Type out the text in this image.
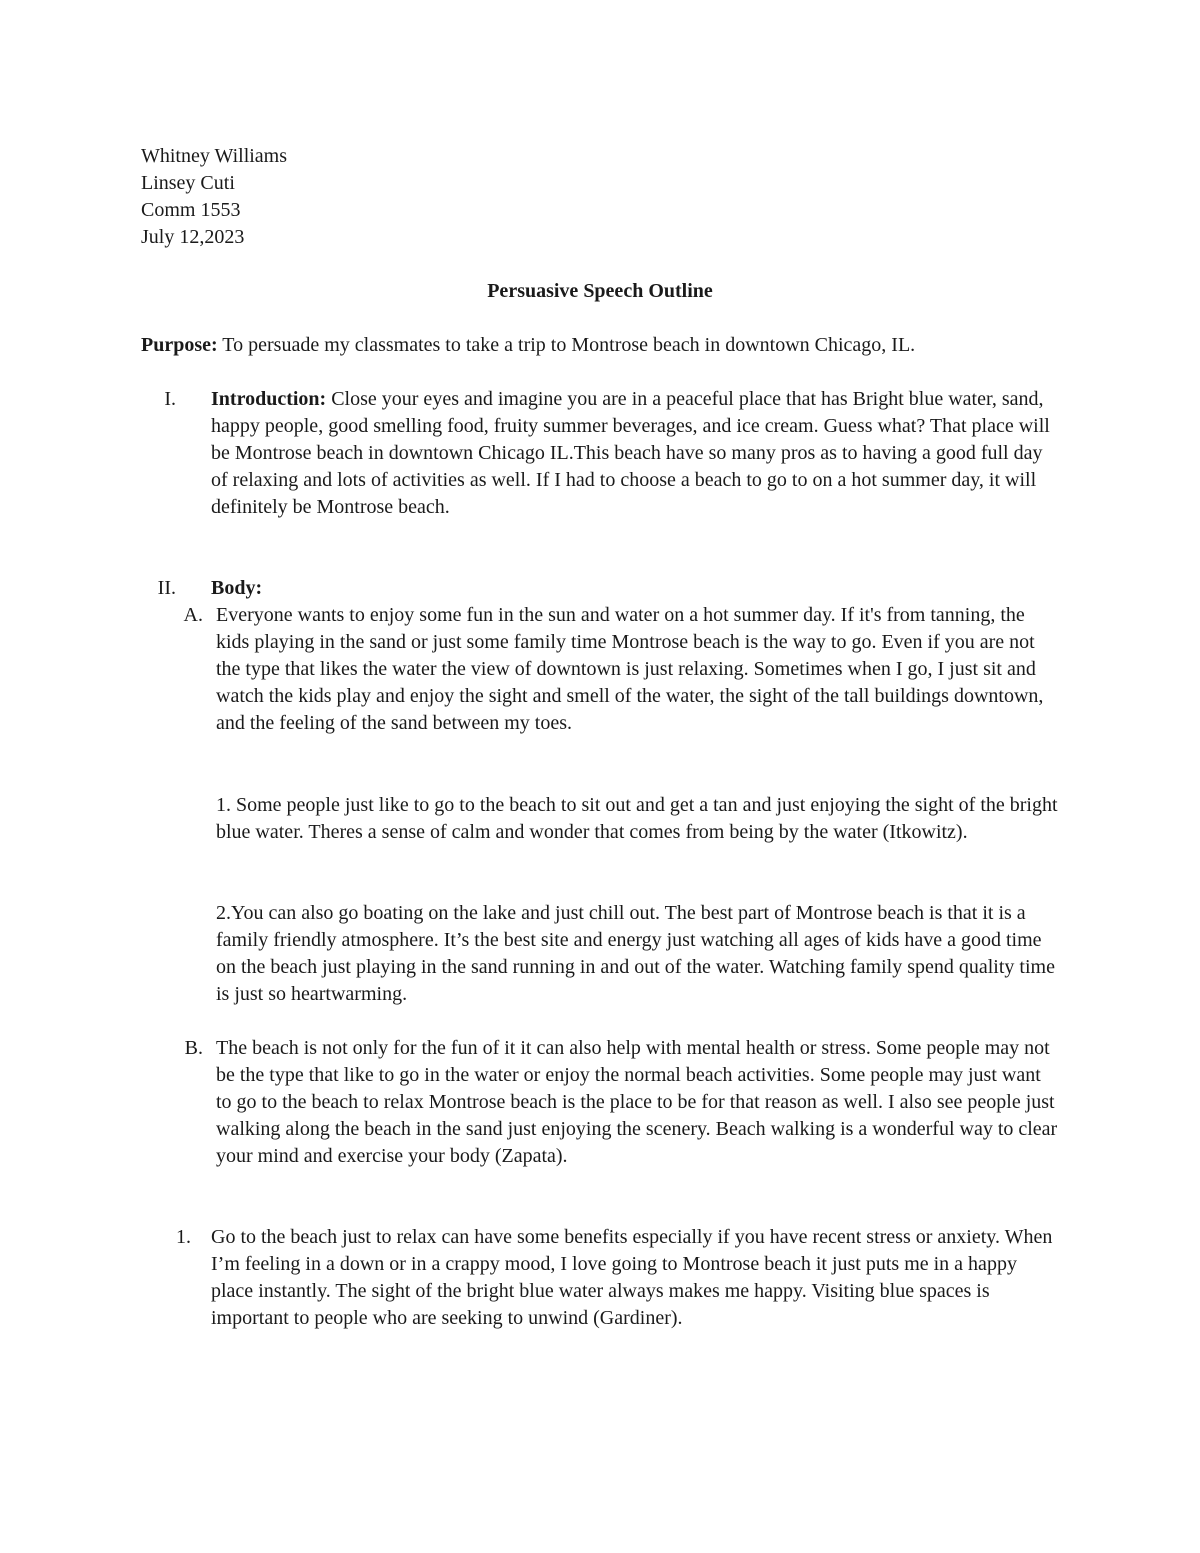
Whitney Williams
Linsey Cuti
Comm 1553
July 12,2023
Persuasive Speech Outline
Purpose: To persuade my classmates to take a trip to Montrose beach in downtown Chicago, IL.
I. Introduction: Close your eyes and imagine you are in a peaceful place that has Bright blue water, sand, happy people, good smelling food, fruity summer beverages, and ice cream. Guess what? That place will be Montrose beach in downtown Chicago IL.This beach have so many pros as to having a good full day of relaxing and lots of activities as well. If I had to choose a beach to go to on a hot summer day, it will definitely be Montrose beach.
II. Body:
A. Everyone wants to enjoy some fun in the sun and water on a hot summer day. If it's from tanning, the kids playing in the sand or just some family time Montrose beach is the way to go. Even if you are not the type that likes the water the view of downtown is just relaxing. Sometimes when I go, I just sit and watch the kids play and enjoy the sight and smell of the water, the sight of the tall buildings downtown, and the feeling of the sand between my toes.
1. Some people just like to go to the beach to sit out and get a tan and just enjoying the sight of the bright blue water. Theres a sense of calm and wonder that comes from being by the water (Itkowitz).
2.You can also go boating on the lake and just chill out. The best part of Montrose beach is that it is a family friendly atmosphere. It’s the best site and energy just watching all ages of kids have a good time on the beach just playing in the sand running in and out of the water. Watching family spend quality time is just so heartwarming.
B. The beach is not only for the fun of it it can also help with mental health or stress. Some people may not be the type that like to go in the water or enjoy the normal beach activities. Some people may just want to go to the beach to relax Montrose beach is the place to be for that reason as well. I also see people just walking along the beach in the sand just enjoying the scenery. Beach walking is a wonderful way to clear your mind and exercise your body (Zapata).
1. Go to the beach just to relax can have some benefits especially if you have recent stress or anxiety. When I’m feeling in a down or in a crappy mood, I love going to Montrose beach it just puts me in a happy place instantly. The sight of the bright blue water always makes me happy. Visiting blue spaces is important to people who are seeking to unwind (Gardiner).
